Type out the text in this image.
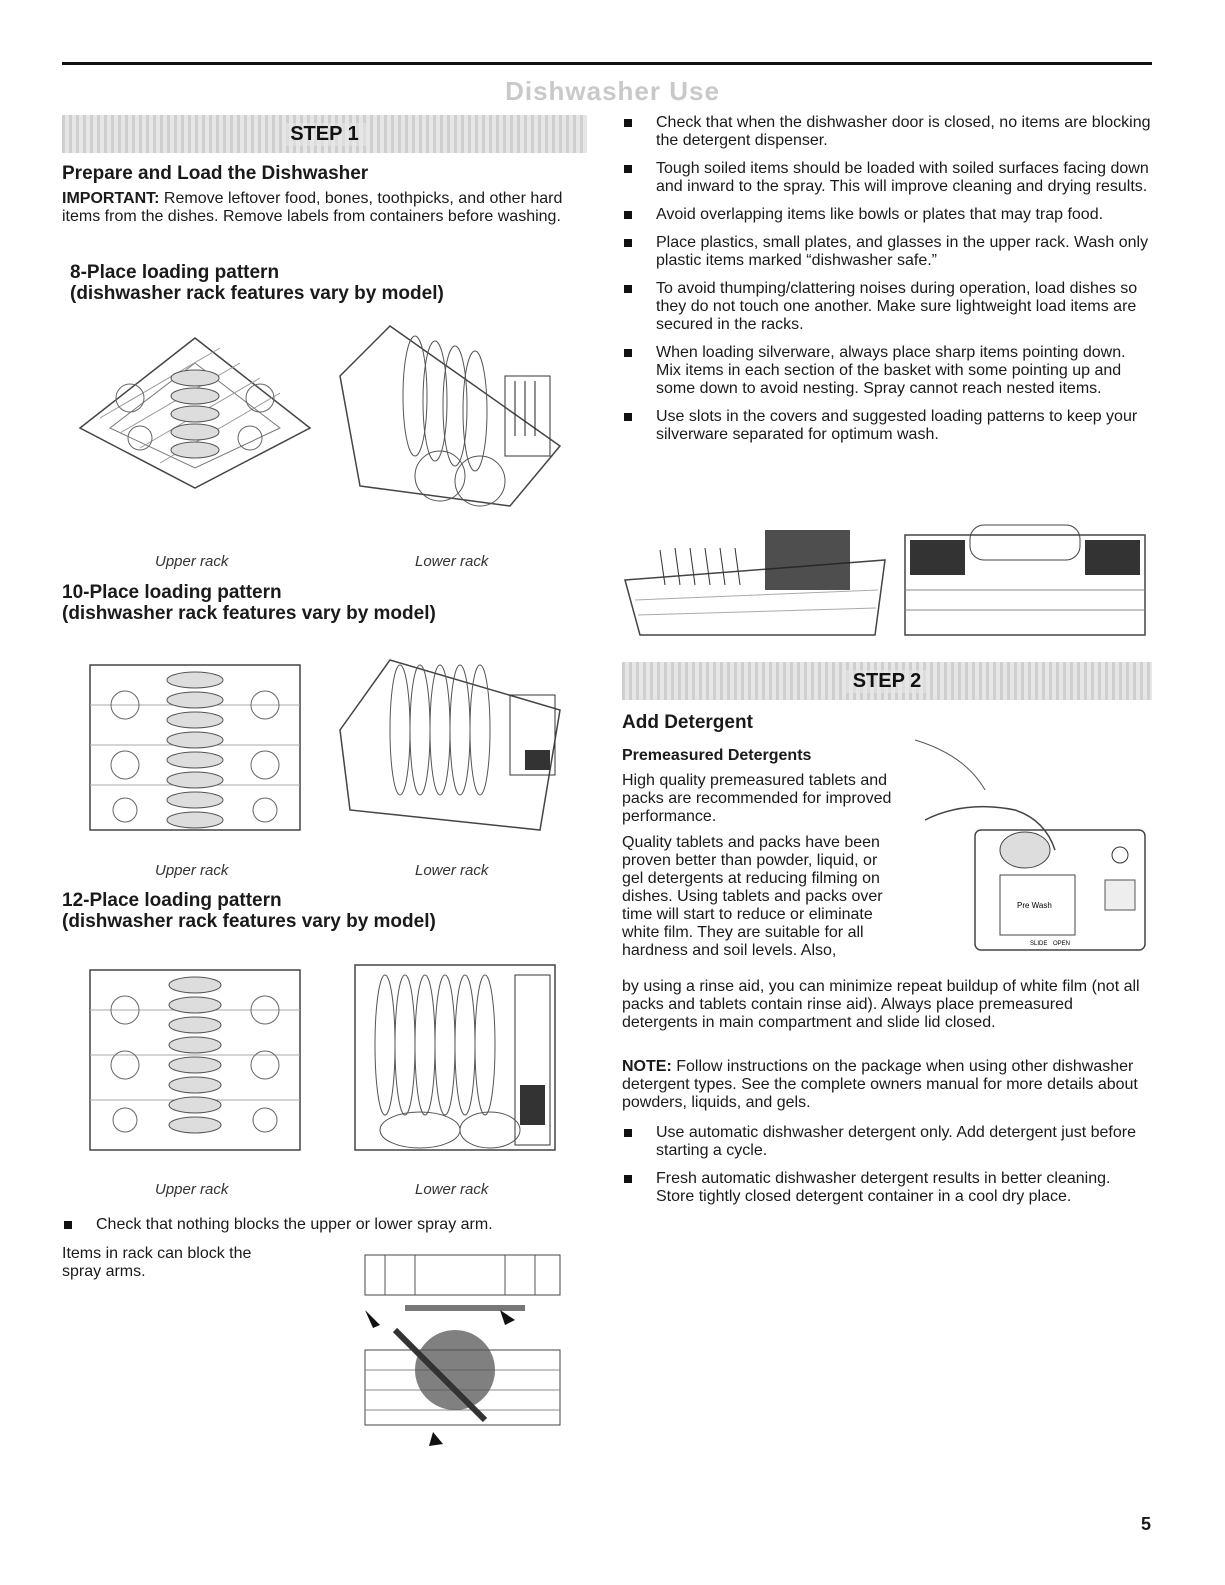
Dishwasher Use
STEP 1
Prepare and Load the Dishwasher

IMPORTANT: Remove leftover food, bones, toothpicks, and other hard items from the dishes. Remove labels from containers before washing.

8-Place loading pattern
(dishwasher rack features vary by model)
Upper rack	Lower rack
10-Place loading pattern
(dishwasher rack features vary by model)
Upper rack	Lower rack
12-Place loading pattern
(dishwasher rack features vary by model)
Upper rack	Lower rack
Check that nothing blocks the upper or lower spray arm.

Items in rack can block the spray arms.

Check that when the dishwasher door is closed, no items are blocking the detergent dispenser.
Tough soiled items should be loaded with soiled surfaces facing down and inward to the spray. This will improve cleaning and drying results.
Avoid overlapping items like bowls or plates that may trap food.
Place plastics, small plates, and glasses in the upper rack. Wash only plastic items marked “dishwasher safe.”
To avoid thumping/clattering noises during operation, load dishes so they do not touch one another. Make sure lightweight load items are secured in the racks.
When loading silverware, always place sharp items pointing down. Mix items in each section of the basket with some pointing up and some down to avoid nesting. Spray cannot reach nested items.
Use slots in the covers and suggested loading patterns to keep your silverware separated for optimum wash.
STEP 2
Add Detergent
Premeasured Detergents

High quality premeasured tablets and packs are recommended for improved performance.

Quality tablets and packs have been proven better than powder, liquid, or gel detergents at reducing filming on dishes. Using tablets and packs over time will start to reduce or eliminate white film. They are suitable for all hardness and soil levels. Also,

Pre Wash
SLIDE OPEN

by using a rinse aid, you can minimize repeat buildup of white film (not all packs and tablets contain rinse aid). Always place premeasured detergents in main compartment and slide lid closed.

NOTE: Follow instructions on the package when using other dishwasher detergent types. See the complete owners manual for more details about powders, liquids, and gels.

Use automatic dishwasher detergent only. Add detergent just before starting a cycle.
Fresh automatic dishwasher detergent results in better cleaning. Store tightly closed detergent container in a cool dry place.
5
